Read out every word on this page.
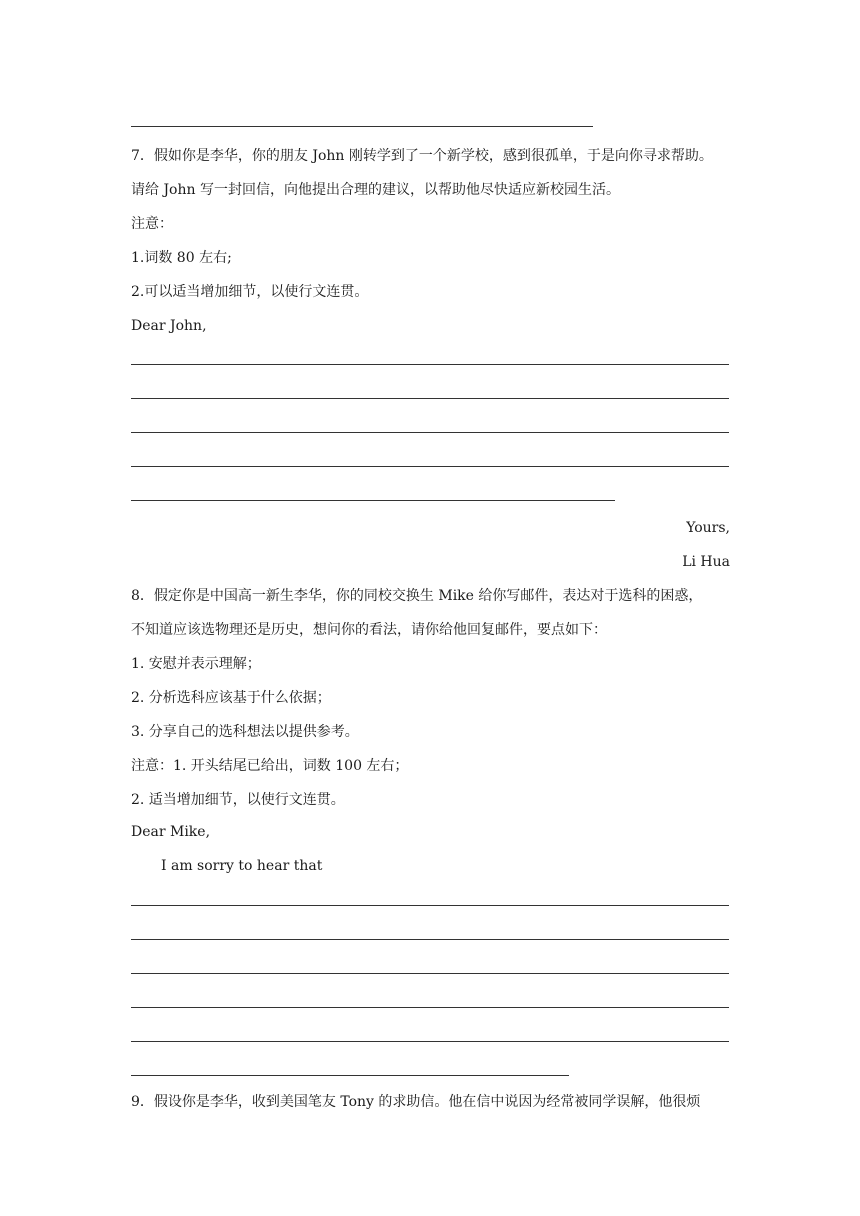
7．假如你是李华，你的朋友 John 刚转学到了一个新学校，感到很孤单，于是向你寻求帮助。
请给 John 写一封回信，向他提出合理的建议，以帮助他尽快适应新校园生活。
注意：
1.词数 80 左右;
2.可以适当增加细节，以使行文连贯。
Dear John,
Yours,
Li Hua
8．假定你是中国高一新生李华，你的同校交换生 Mike 给你写邮件，表达对于选科的困惑，
不知道应该选物理还是历史，想问你的看法，请你给他回复邮件，要点如下：
1. 安慰并表示理解；
2. 分析选科应该基于什么依据；
3. 分享自己的选科想法以提供参考。
注意：1. 开头结尾已给出，词数 100 左右；
2. 适当增加细节，以使行文连贯。
Dear Mike,
I am sorry to hear that
9．假设你是李华，收到美国笔友 Tony 的求助信。他在信中说因为经常被同学误解，他很烦
